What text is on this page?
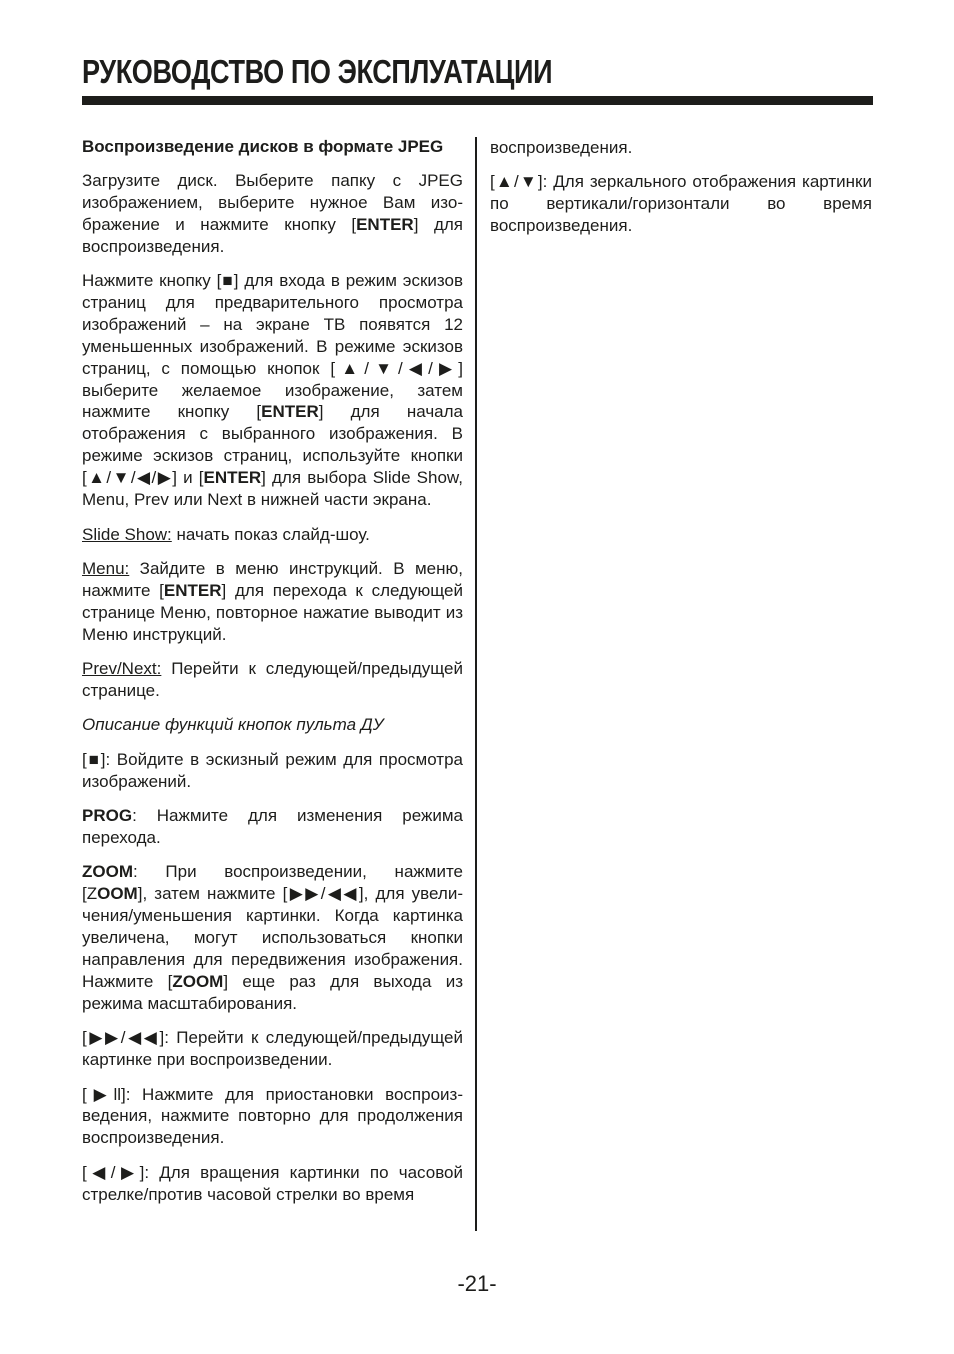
РУКОВОДСТВО ПО ЭКСПЛУАТАЦИИ

Воспроизведение дисков в формате JPEG

Загрузите диск. Выберите папку с JPEG изображением, выберите нужное Вам изображение и нажмите кнопку [ENTER] для воспроизведения.

Нажмите кнопку [■] для входа в режим эскизов страниц для предварительного просмотра изображений – на экране ТВ появятся 12 уменьшенных изображений. В режиме эскизов страниц, с помощью кнопок [▲/▼/◀/▶] выберите желаемое изображение, затем нажмите кнопку [ENTER] для начала отображения с выбранного изображения. В режиме эскизов страниц, используйте кнопки [▲/▼/◀/▶] и [ENTER] для выбора Slide Show, Menu, Prev или Next в нижней части экрана.

Slide Show: начать показ слайд-шоу.

Menu: Зайдите в меню инструкций. В меню, нажмите [ENTER] для перехода к следующей странице Меню, повторное нажатие выводит из Меню инструкций.

Prev/Next: Перейти к следующей/предыдущей странице.

Описание функций кнопок пульта ДУ

[■]: Войдите в эскизный режим для просмотра изображений.

PROG: Нажмите для изменения режима перехода.

ZOOM: При воспроизведении, нажмите [ZOOM], затем нажмите [▶▶/◀◀], для увеличения/уменьшения картинки. Когда картинка увеличена, могут использоваться кнопки направления для передвижения изображения. Нажмите [ZOOM] еще раз для выхода из режима масштабирования.

[▶▶/◀◀]: Перейти к следующей/предыдущей картинке при воспроизведении.

[▶ll]: Нажмите для приостановки воспроизведения, нажмите повторно для продолжения воспроизведения.

[◀/▶]: Для вращения картинки по часовой стрелке/против часовой стрелки во время

воспроизведения.

[▲/▼]: Для зеркального отображения картинки по вертикали/горизонтали во время воспроизведения.

-21-
